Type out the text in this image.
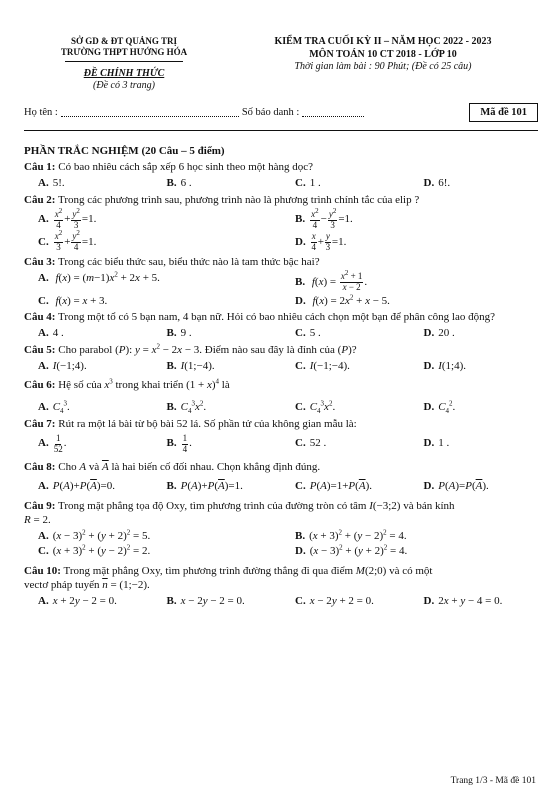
SỞ GD & ĐT QUẢNG TRỊ
TRƯỜNG THPT HƯỚNG HÓA
ĐỀ CHÍNH THỨC
(Đề có 3 trang)
KIỂM TRA CUỐI KỲ II – NĂM HỌC 2022 - 2023
MÔN TOÁN 10 CT 2018 - LỚP 10
Thời gian làm bài : 90 Phút; (Đề có 25 câu)
Họ tên :	Số báo danh :	Mã đề 101
PHẦN TRẮC NGHIỆM (20 Câu – 5 điểm)
Câu 1: Có bao nhiêu cách sắp xếp 6 học sinh theo một hàng dọc?
A. 5!.	B. 6 .	C. 1 .	D. 6!.
Câu 2: Trong các phương trình sau, phương trình nào là phương trình chính tắc của elip ?
A. $\frac{x^2}{4} + \frac{y^2}{3} =1$.	B. $\frac{x^2}{4} - \frac{y^2}{3} =1$.
C. $\frac{x^2}{3} + \frac{y^2}{4} =1$.	D. $\frac{x}{4} + \frac{y}{3} =1$.
Câu 3: Trong các biểu thức sau, biểu thức nào là tam thức bậc hai?
A. $f(x) = (m-1)x^2 + 2x + 5$.	B. $f(x) = \frac{x^2 + 1}{x - 2}$ .
C. f(x) = x + 3.	D. $f(x) = 2x^2 + x - 5$.
Câu 4: Trong một tổ có 5 bạn nam, 4 bạn nữ. Hỏi có bao nhiêu cách chọn một bạn để phân công lao động?
A. 4 .	B. 9 .	C. 5 .	D. 20 .
Câu 5: Cho parabol (P): $y = x^2 - 2x - 3$. Điểm nào sau đây là đỉnh của (P)?
A. I(−1;4).	B. I(1;−4).	C. I(−1;−4).	D. I(1;4).
Câu 6: Hệ số của $x^3$ trong khai triển $(1 + x)^4$ là
A. $C_4^3$.	B. $C_4^3x^2$.	C. $C_4^3x^2$.	D. $C_4^2$.
Câu 7: Rút ra một lá bài từ bộ bài 52 lá. Số phần tử của không gian mẫu là:
A. $\frac{1}{52}$ .	B. $\frac{1}{4}$ .	C. 52 .	D. 1 .
Câu 8: Cho A và $\overline{A}$ là hai biến cố đối nhau. Chọn khẳng định đúng.
A. $P(A)+P(\overline{A})=0$.	B. $P(A)+P(\overline{A})=1$.	C. $P(A)=1+P(\overline{A})$.	D. $P(A)=P(\overline{A})$.
Câu 9: Trong mặt phẳng tọa độ Oxy, tìm phương trình của đường tròn có tâm I(−3;2) và bán kính
R = 2.
A. $(x - 3)^2 + (y + 2)^2 = 5$.	B. $(x + 3)^2 + (y - 2)^2 = 4$.
C. $(x + 3)^2 + (y - 2)^2 = 2$.	D. $(x - 3)^2 + (y + 2)^2 = 4$.
Câu 10: Trong mặt phẳng Oxy, tìm phương trình đường thẳng đi qua điểm M(2;0) và có một
vectơ pháp tuyến $\overline{n}$ = (1;−2).
A. x + 2y − 2 = 0.	B. x − 2y − 2 = 0.	C. x − 2y + 2 = 0.	D. 2x + y − 4 = 0.
Trang 1/3 - Mã đề 101
